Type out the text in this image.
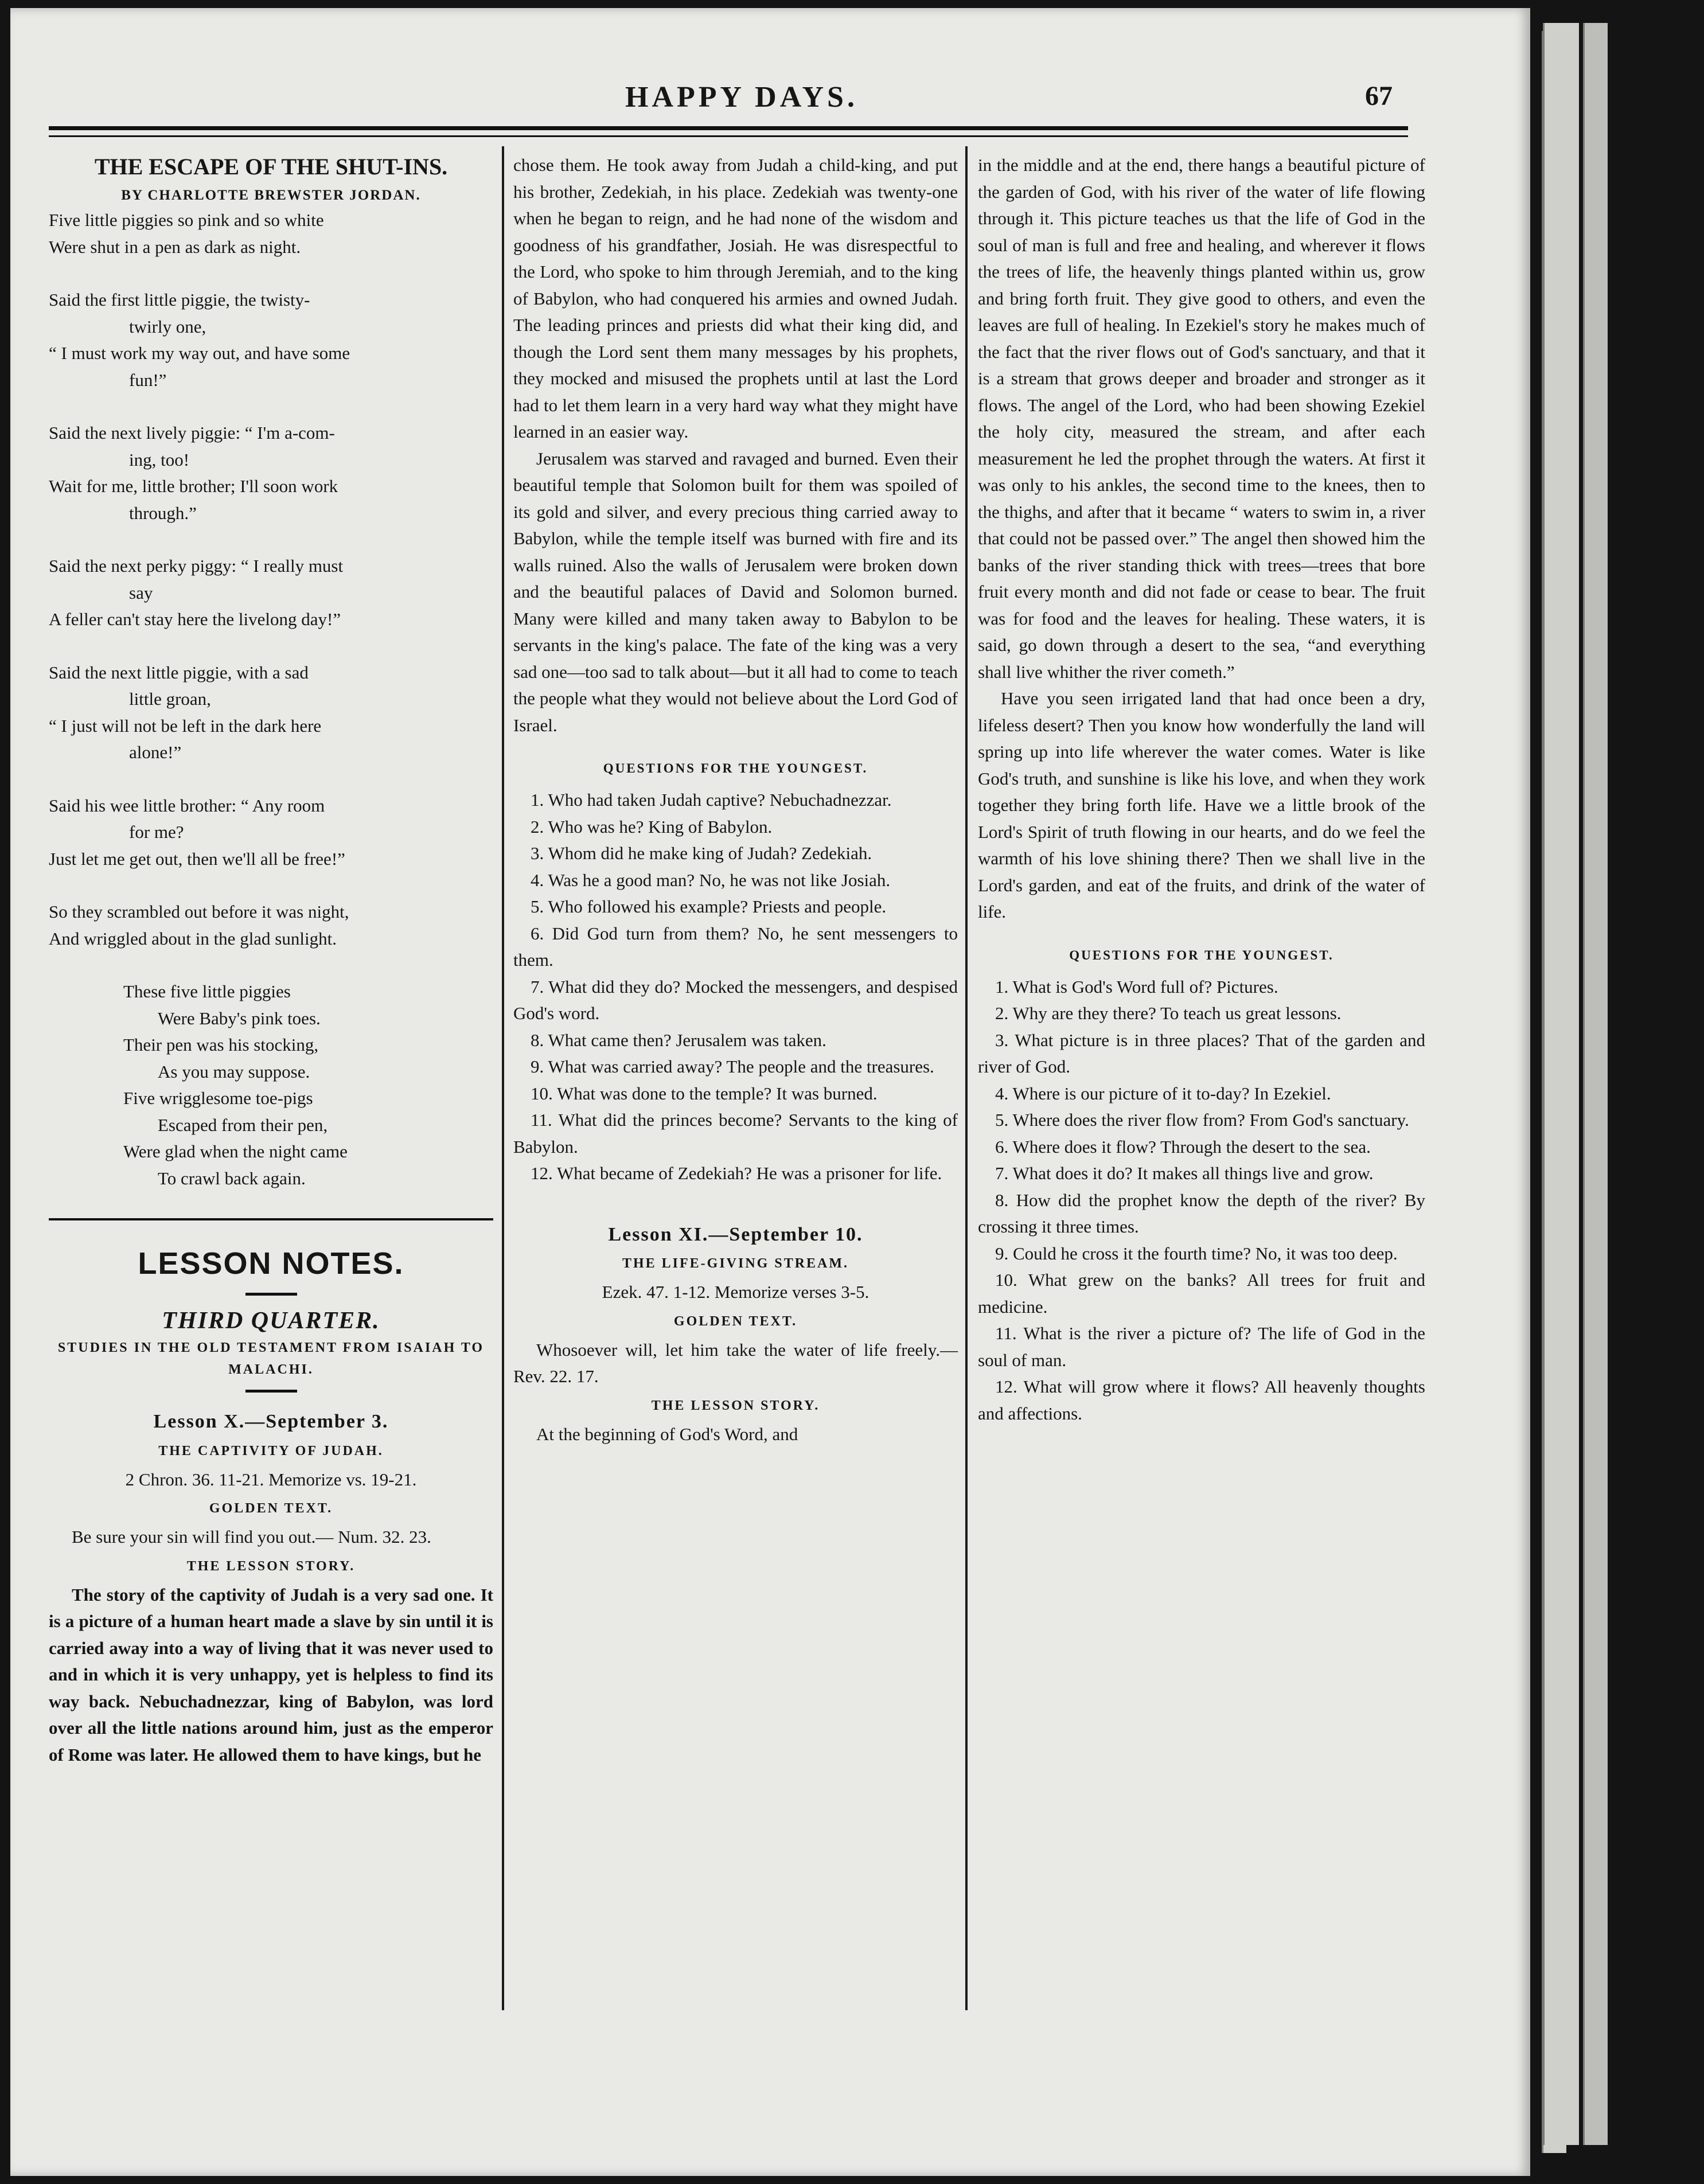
HAPPY DAYS.	67
THE ESCAPE OF THE SHUT-INS.
BY CHARLOTTE BREWSTER JORDAN.

Five little piggies so pink and so white

Were shut in a pen as dark as night.

Said the first little piggie, the twisty-

twirly one,

“ I must work my way out, and have some

fun!”

Said the next lively piggie: “ I'm a-com-

ing, too!

Wait for me, little brother; I'll soon work

through.”

Said the next perky piggy: “ I really must

say

A feller can't stay here the livelong day!”

Said the next little piggie, with a sad

little groan,

“ I just will not be left in the dark here

alone!”

Said his wee little brother: “ Any room

for me?

Just let me get out, then we'll all be free!”

So they scrambled out before it was night,

And wriggled about in the glad sunlight.

These five little piggies

Were Baby's pink toes.

Their pen was his stocking,

As you may suppose.

Five wrigglesome toe-pigs

Escaped from their pen,

Were glad when the night came

To crawl back again.

LESSON NOTES.
THIRD QUARTER.
STUDIES IN THE OLD TESTAMENT FROM ISAIAH TO MALACHI.
Lesson X.—September 3.
THE CAPTIVITY OF JUDAH.

2 Chron. 36. 11-21. Memorize vs. 19-21.

GOLDEN TEXT.

Be sure your sin will find you out.— Num. 32. 23.

THE LESSON STORY.

The story of the captivity of Judah is a very sad one. It is a picture of a human heart made a slave by sin until it is carried away into a way of living that it was never used to and in which it is very unhappy, yet is helpless to find its way back. Nebuchadnezzar, king of Babylon, was lord over all the little nations around him, just as the emperor of Rome was later. He allowed them to have kings, but he

chose them. He took away from Judah a child-king, and put his brother, Zedekiah, in his place. Zedekiah was twenty-one when he began to reign, and he had none of the wisdom and goodness of his grandfather, Josiah. He was disrespectful to the Lord, who spoke to him through Jeremiah, and to the king of Babylon, who had conquered his armies and owned Judah. The leading princes and priests did what their king did, and though the Lord sent them many messages by his prophets, they mocked and misused the prophets until at last the Lord had to let them learn in a very hard way what they might have learned in an easier way.

Jerusalem was starved and ravaged and burned. Even their beautiful temple that Solomon built for them was spoiled of its gold and silver, and every precious thing carried away to Babylon, while the temple itself was burned with fire and its walls ruined. Also the walls of Jerusalem were broken down and the beautiful palaces of David and Solomon burned. Many were killed and many taken away to Babylon to be servants in the king's palace. The fate of the king was a very sad one—too sad to talk about—but it all had to come to teach the people what they would not believe about the Lord God of Israel.

QUESTIONS FOR THE YOUNGEST.

1. Who had taken Judah captive? Nebuchadnezzar.

2. Who was he? King of Babylon.

3. Whom did he make king of Judah? Zedekiah.

4. Was he a good man? No, he was not like Josiah.

5. Who followed his example? Priests and people.

6. Did God turn from them? No, he sent messengers to them.

7. What did they do? Mocked the messengers, and despised God's word.

8. What came then? Jerusalem was taken.

9. What was carried away? The people and the treasures.

10. What was done to the temple? It was burned.

11. What did the princes become? Servants to the king of Babylon.

12. What became of Zedekiah? He was a prisoner for life.

Lesson XI.—September 10.
THE LIFE-GIVING STREAM.

Ezek. 47. 1-12. Memorize verses 3-5.

GOLDEN TEXT.

Whosoever will, let him take the water of life freely.—Rev. 22. 17.

THE LESSON STORY.

At the beginning of God's Word, and

in the middle and at the end, there hangs a beautiful picture of the garden of God, with his river of the water of life flowing through it. This picture teaches us that the life of God in the soul of man is full and free and healing, and wherever it flows the trees of life, the heavenly things planted within us, grow and bring forth fruit. They give good to others, and even the leaves are full of healing. In Ezekiel's story he makes much of the fact that the river flows out of God's sanctuary, and that it is a stream that grows deeper and broader and stronger as it flows. The angel of the Lord, who had been showing Ezekiel the holy city, measured the stream, and after each measurement he led the prophet through the waters. At first it was only to his ankles, the second time to the knees, then to the thighs, and after that it became “ waters to swim in, a river that could not be passed over.” The angel then showed him the banks of the river standing thick with trees—trees that bore fruit every month and did not fade or cease to bear. The fruit was for food and the leaves for healing. These waters, it is said, go down through a desert to the sea, “and everything shall live whither the river cometh.”

Have you seen irrigated land that had once been a dry, lifeless desert? Then you know how wonderfully the land will spring up into life wherever the water comes. Water is like God's truth, and sunshine is like his love, and when they work together they bring forth life. Have we a little brook of the Lord's Spirit of truth flowing in our hearts, and do we feel the warmth of his love shining there? Then we shall live in the Lord's garden, and eat of the fruits, and drink of the water of life.

QUESTIONS FOR THE YOUNGEST.

1. What is God's Word full of? Pictures.

2. Why are they there? To teach us great lessons.

3. What picture is in three places? That of the garden and river of God.

4. Where is our picture of it to-day? In Ezekiel.

5. Where does the river flow from? From God's sanctuary.

6. Where does it flow? Through the desert to the sea.

7. What does it do? It makes all things live and grow.

8. How did the prophet know the depth of the river? By crossing it three times.

9. Could he cross it the fourth time? No, it was too deep.

10. What grew on the banks? All trees for fruit and medicine.

11. What is the river a picture of? The life of God in the soul of man.

12. What will grow where it flows? All heavenly thoughts and affections.
